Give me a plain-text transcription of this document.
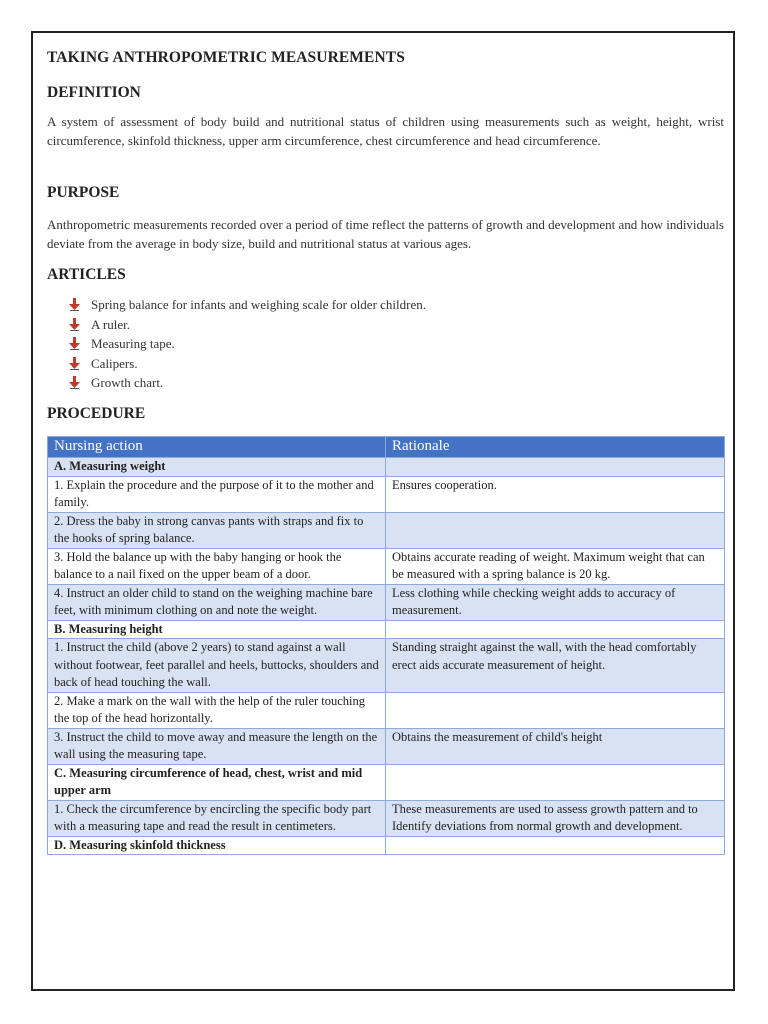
TAKING ANTHROPOMETRIC MEASUREMENTS
DEFINITION

A system of assessment of body build and nutritional status of children using measurements such as weight, height, wrist circumference, skinfold thickness, upper arm circumference, chest circumference and head circumference.

PURPOSE

Anthropometric measurements recorded over a period of time reflect the patterns of growth and development and how individuals deviate from the average in body size, build and nutritional status at various ages.

ARTICLES
Spring balance for infants and weighing scale for older children.
A ruler.
Measuring tape.
Calipers.
Growth chart.
PROCEDURE
Nursing action	Rationale
A. Measuring weight	
1. Explain the procedure and the purpose of it to the mother and family.	Ensures cooperation.
2. Dress the baby in strong canvas pants with straps and fix to the hooks of spring balance.	
3. Hold the balance up with the baby hanging or hook the balance to a nail fixed on the upper beam of a door.	Obtains accurate reading of weight. Maximum weight that can be measured with a spring balance is 20 kg.
4. Instruct an older child to stand on the weighing machine bare feet, with minimum clothing on and note the weight.	Less clothing while checking weight adds to accuracy of measurement.
B. Measuring height	
1. Instruct the child (above 2 years) to stand against a wall without footwear, feet parallel and heels, buttocks, shoulders and back of head touching the wall.	Standing straight against the wall, with the head comfortably erect aids accurate measurement of height.
2. Make a mark on the wall with the help of the ruler touching the top of the head horizontally.	
3. Instruct the child to move away and measure the length on the wall using the measuring tape.	Obtains the measurement of child's height
C. Measuring circumference of head, chest, wrist and mid upper arm	
1. Check the circumference by encircling the specific body part with a measuring tape and read the result in centimeters.	These measurements are used to assess growth pattern and to Identify deviations from normal growth and development.
D. Measuring skinfold thickness	
